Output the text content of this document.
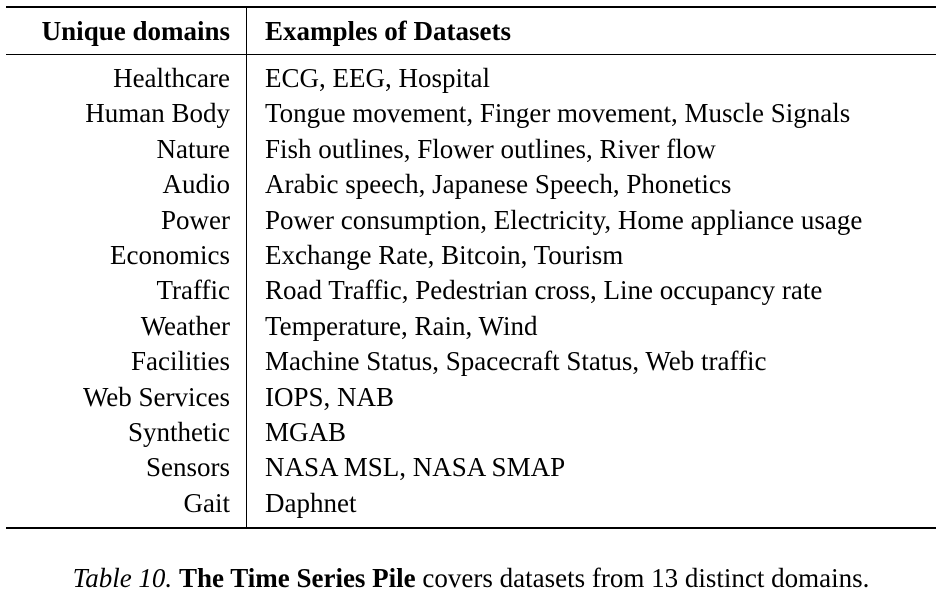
Unique domains	Examples of Datasets

Healthcare	ECG, EEG, Hospital
Human Body	Tongue movement, Finger movement, Muscle Signals
Nature	Fish outlines, Flower outlines, River flow
Audio	Arabic speech, Japanese Speech, Phonetics
Power	Power consumption, Electricity, Home appliance usage
Economics	Exchange Rate, Bitcoin, Tourism
Traffic	Road Traffic, Pedestrian cross, Line occupancy rate
Weather	Temperature, Rain, Wind
Facilities	Machine Status, Spacecraft Status, Web traffic
Web Services	IOPS, NAB
Synthetic	MGAB
Sensors	NASA MSL, NASA SMAP
Gait	Daphnet

Table 10. The Time Series Pile covers datasets from 13 distinct domains.
